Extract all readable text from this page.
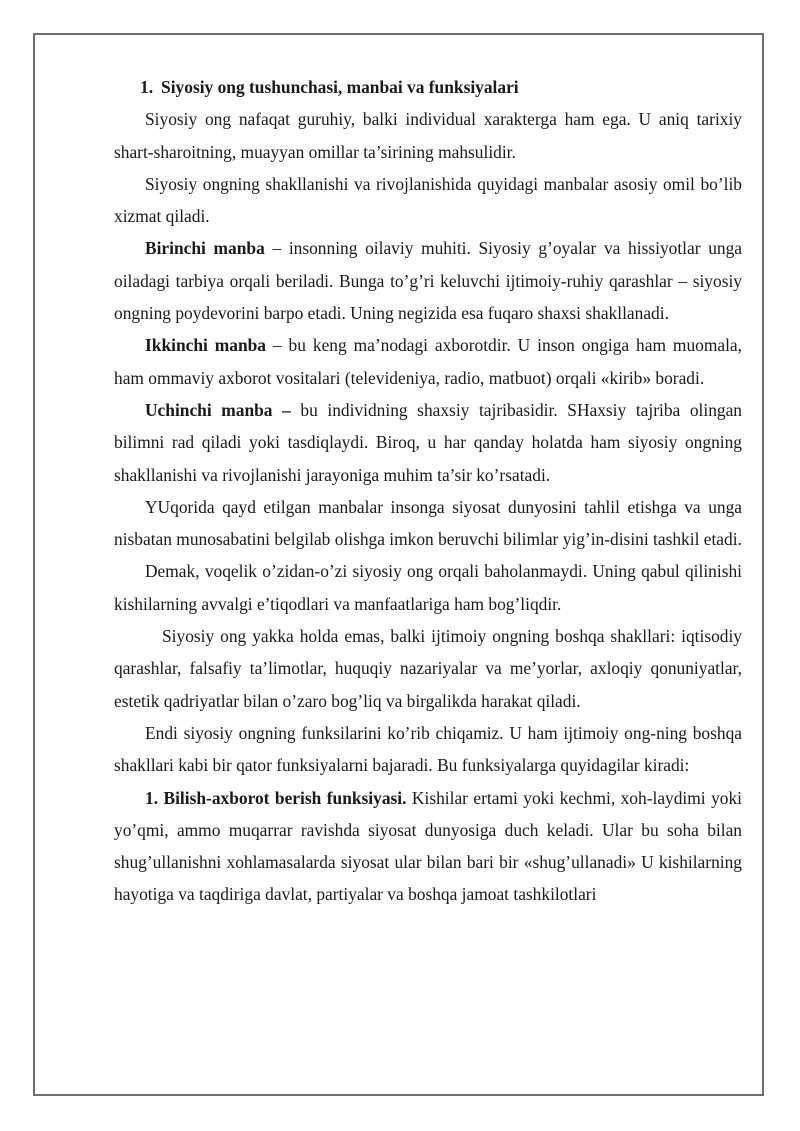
1. Siyosiy ong tushunchasi, manbai va funksiyalari

Siyosiy ong nafaqat guruhiy, balki individual xarakterga ham ega. U aniq tarixiy shart-sharoitning, muayyan omillar ta’sirining mahsulidir.

Siyosiy ongning shakllanishi va rivojlanishida quyidagi manbalar asosiy omil bo’lib xizmat qiladi.

Birinchi manba – insonning oilaviy muhiti. Siyosiy g’oyalar va hissiyotlar unga oiladagi tarbiya orqali beriladi. Bunga to’g’ri keluvchi ijtimoiy-ruhiy qarashlar – siyosiy ongning poydevorini barpo etadi. Uning negizida esa fuqaro shaxsi shakllanadi.

Ikkinchi manba – bu keng ma’nodagi axborotdir. U inson ongiga ham muomala, ham ommaviy axborot vositalari (televideniya, radio, matbuot) orqali «kirib» boradi.

Uchinchi manba – bu individning shaxsiy tajribasidir. SHaxsiy tajriba olingan bilimni rad qiladi yoki tasdiqlaydi. Biroq, u har qanday holatda ham siyosiy ongning shakllanishi va rivojlanishi jarayoniga muhim ta’sir ko’rsatadi.

YUqorida qayd etilgan manbalar insonga siyosat dunyosini tahlil etishga va unga nisbatan munosabatini belgilab olishga imkon beruvchi bilimlar yig’in-disini tashkil etadi.

Demak, voqelik o’zidan-o’zi siyosiy ong orqali baholanmaydi. Uning qabul qilinishi kishilarning avvalgi e’tiqodlari va manfaatlariga ham bog’liqdir.

Siyosiy ong yakka holda emas, balki ijtimoiy ongning boshqa shakllari: iqtisodiy qarashlar, falsafiy ta’limotlar, huquqiy nazariyalar va me’yorlar, axloqiy qonuniyatlar, estetik qadriyatlar bilan o’zaro bog’liq va birgalikda harakat qiladi.

Endi siyosiy ongning funksilarini ko’rib chiqamiz. U ham ijtimoiy ong-ning boshqa shakllari kabi bir qator funksiyalarni bajaradi. Bu funksiyalarga quyidagilar kiradi:

1. Bilish-axborot berish funksiyasi. Kishilar ertami yoki kechmi, xoh-laydimi yoki yo’qmi, ammo muqarrar ravishda siyosat dunyosiga duch keladi. Ular bu soha bilan shug’ullanishni xohlamasalarda siyosat ular bilan bari bir «shug’ullanadi» U kishilarning hayotiga va taqdiriga davlat, partiyalar va boshqa jamoat tashkilotlari
